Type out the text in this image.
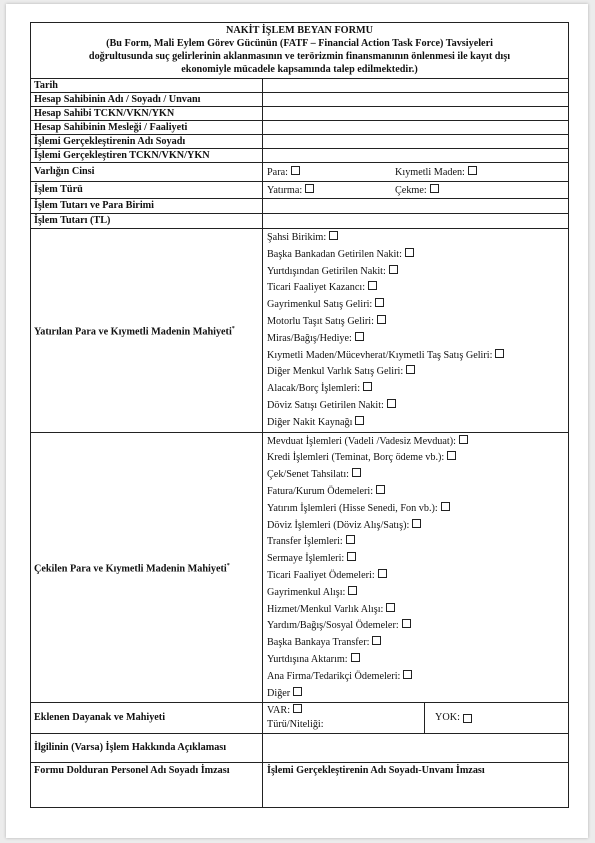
NAKİT İŞLEM BEYAN FORMU
(Bu Form, Mali Eylem Görev Gücünün (FATF – Financial Action Task Force) Tavsiyeleri
doğrultusunda suç gelirlerinin aklanmasının ve terörizmin finansmanının önlenmesi ile kayıt dışı
ekonomiyle mücadele kapsamında talep edilmektedir.)
Tarih
Hesap Sahibinin Adı / Soyadı / Unvanı
Hesap Sahibi TCKN/VKN/YKN
Hesap Sahibinin Mesleği / Faaliyeti
İşlemi Gerçekleştirenin Adı Soyadı
İşlemi Gerçekleştiren TCKN/VKN/YKN
Varlığın Cinsi	Para:	Kıymetli Maden:
İşlem Türü	Yatırma:	Çekme:
İşlem Tutarı ve Para Birimi
İşlem Tutarı (TL)
Yatırılan Para ve Kıymetli Madenin Mahiyeti*
Şahsi Birikim:
Başka Bankadan Getirilen Nakit:
Yurtdışından Getirilen Nakit:
Ticari Faaliyet Kazancı:
Gayrimenkul Satış Geliri:
Motorlu Taşıt Satış Geliri:
Miras/Bağış/Hediye:
Kıymetli Maden/Mücevherat/Kıymetli Taş Satış Geliri:
Diğer Menkul Varlık Satış Geliri:
Alacak/Borç İşlemleri:
Döviz Satışı Getirilen Nakit:
Diğer Nakit Kaynağı
Çekilen Para ve Kıymetli Madenin Mahiyeti*
Mevduat İşlemleri (Vadeli /Vadesiz Mevduat):
Kredi İşlemleri (Teminat, Borç ödeme vb.):
Çek/Senet Tahsilatı:
Fatura/Kurum Ödemeleri:
Yatırım İşlemleri (Hisse Senedi, Fon vb.):
Döviz İşlemleri (Döviz Alış/Satış):
Transfer İşlemleri:
Sermaye İşlemleri:
Ticari Faaliyet Ödemeleri:
Gayrimenkul Alışı:
Hizmet/Menkul Varlık Alışı:
Yardım/Bağış/Sosyal Ödemeler:
Başka Bankaya Transfer:
Yurtdışına Aktarım:
Ana Firma/Tedarikçi Ödemeleri:
Diğer
Eklenen Dayanak ve Mahiyeti
VAR:
Türü/Niteliği:
YOK:
İlgilinin (Varsa) İşlem Hakkında Açıklaması
Formu Dolduran Personel Adı Soyadı İmzası	İşlemi Gerçekleştirenin Adı Soyadı-Unvanı İmzası
